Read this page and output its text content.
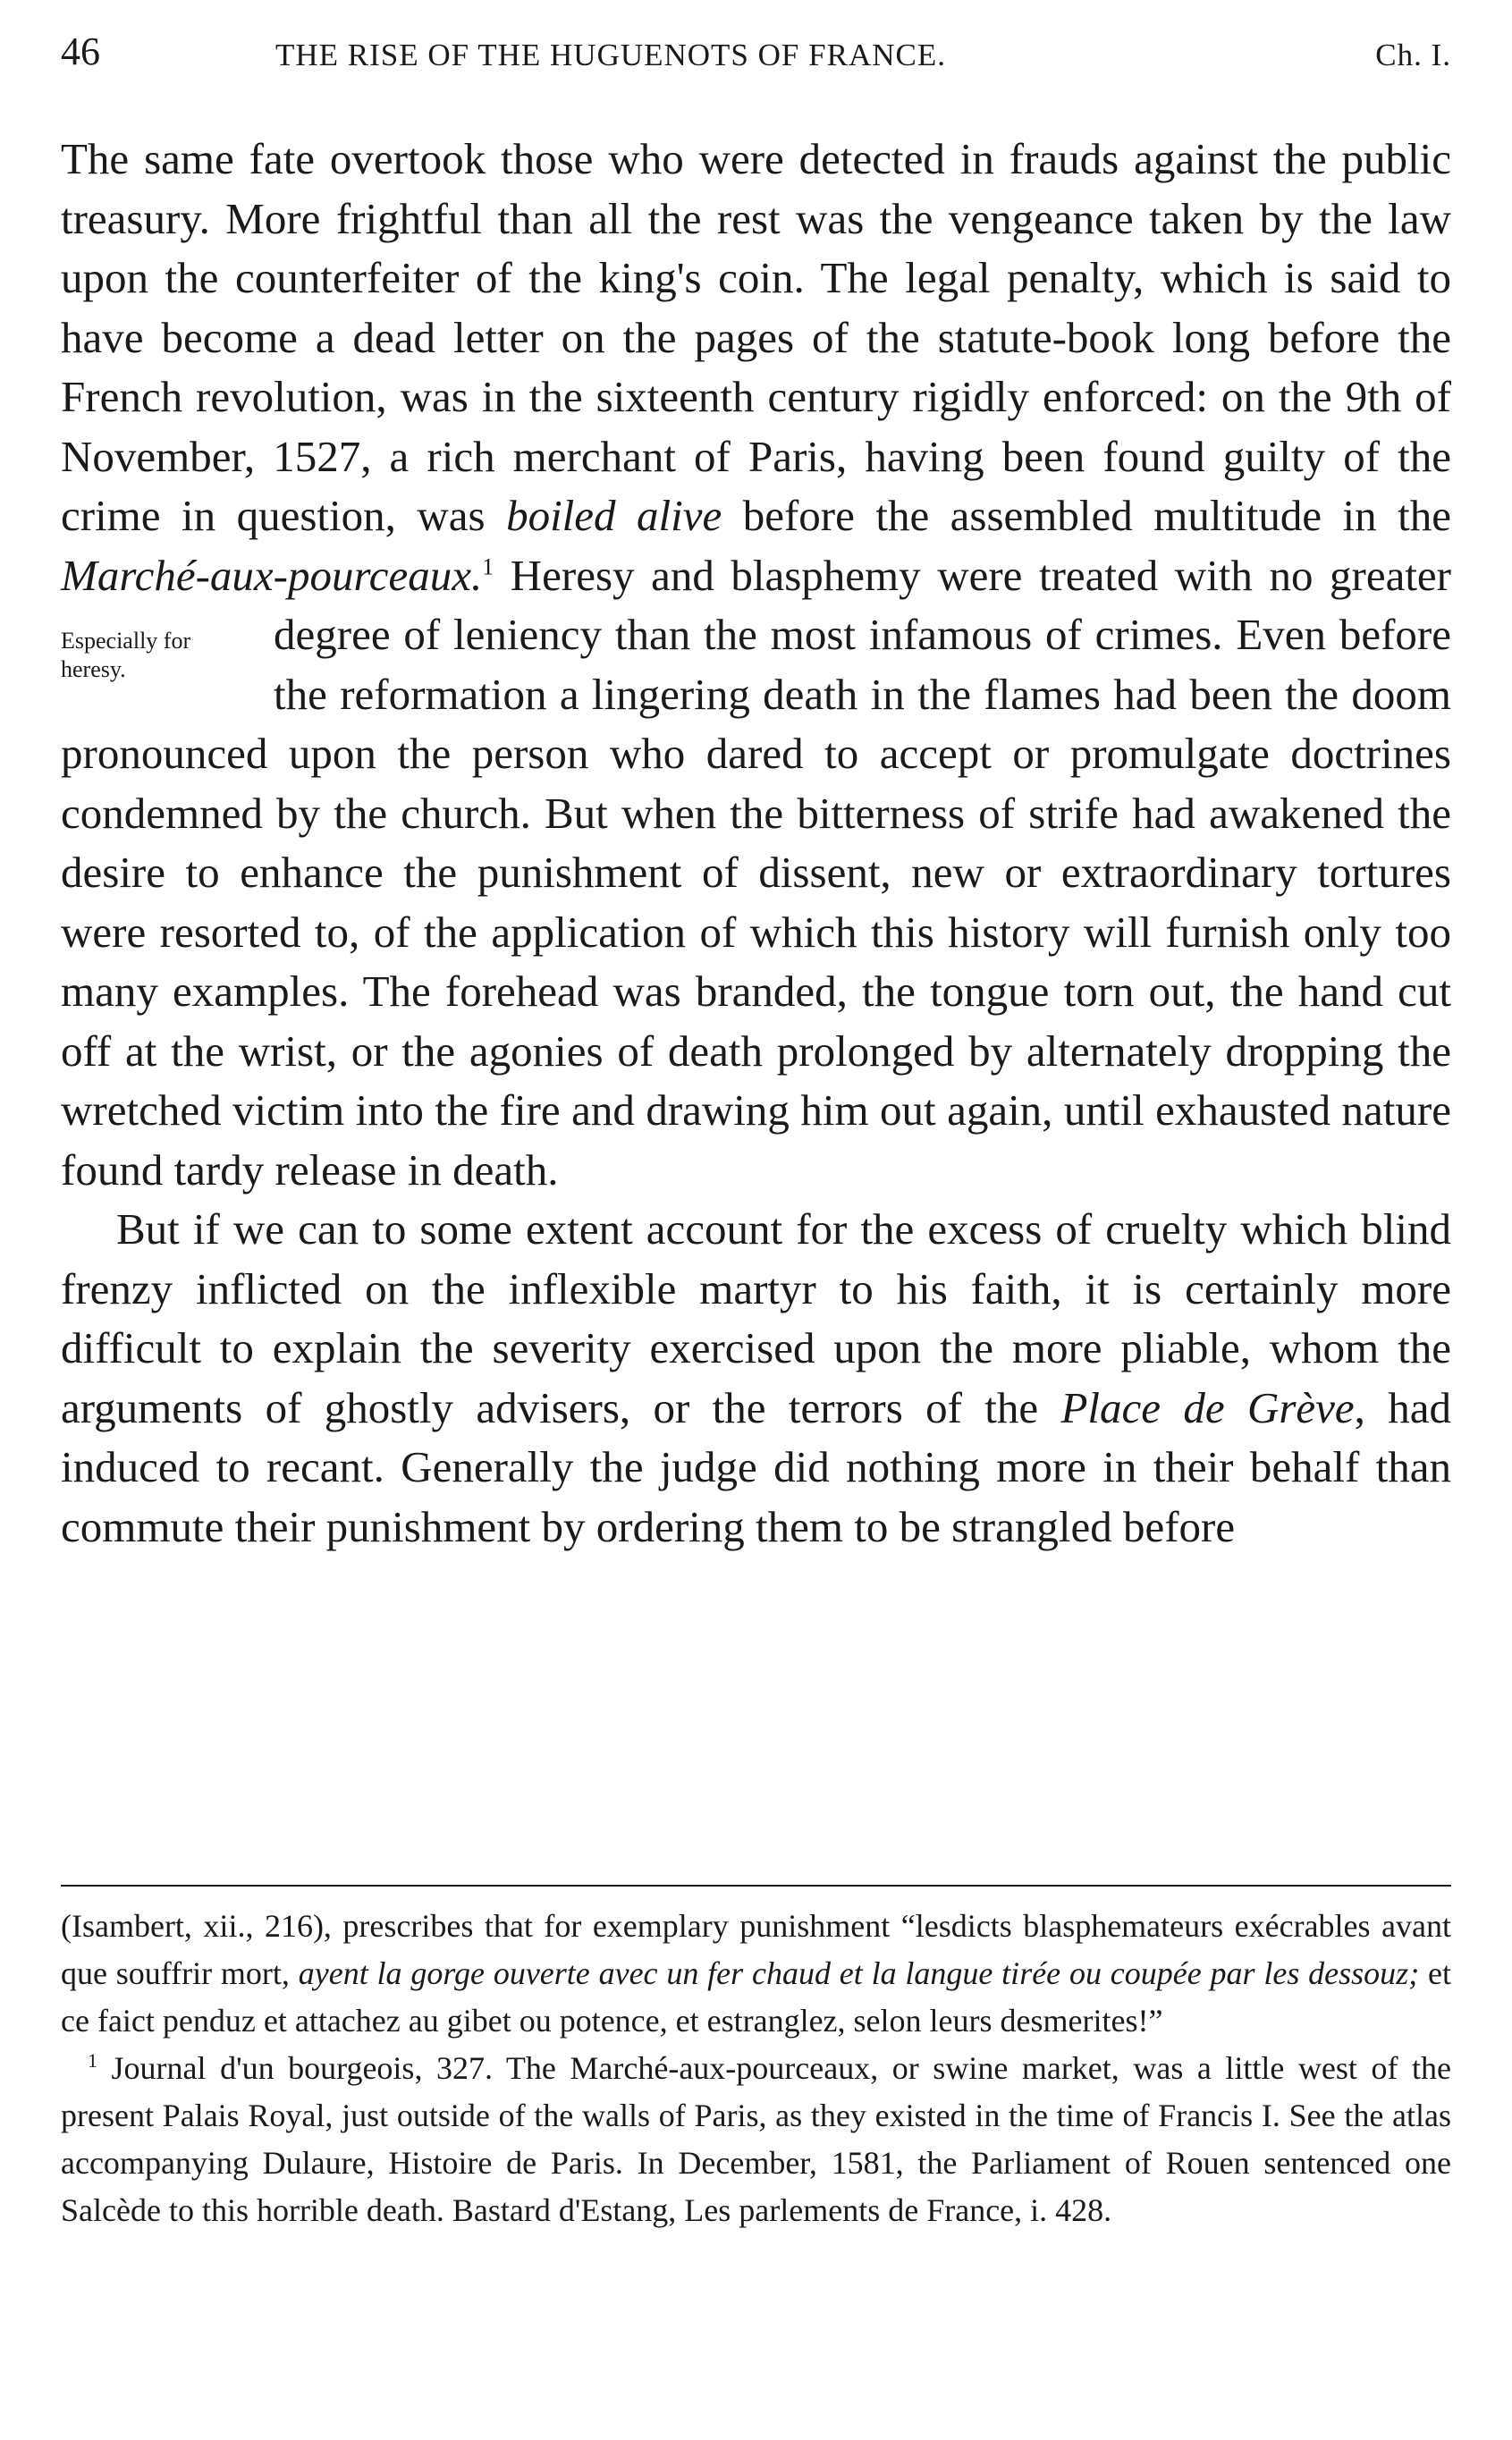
46	THE RISE OF THE HUGUENOTS OF FRANCE.	Ch. I.

The same fate overtook those who were detected in frauds against the public treasury. More frightful than all the rest was the vengeance taken by the law upon the counterfeiter of the king's coin. The legal penalty, which is said to have become a dead letter on the pages of the statute-book long before the French revolution, was in the sixteenth century rigidly enforced: on the 9th of November, 1527, a rich merchant of Paris, having been found guilty of the crime in question, was boiled alive before the assembled multitude in the Marché-aux-pourceaux.$^1$ Heresy and blasphemy were treated with no
Especially for heresy.
greater degree of leniency than the most infamous of crimes. Even before the reformation a lingering death in the flames had been the doom pronounced upon the person who dared to accept or promulgate doctrines condemned by the church. But when the bitterness of strife had awakened the desire to enhance the punishment of dissent, new or extraordinary tortures were resorted to, of the application of which this history will furnish only too many examples. The forehead was branded, the tongue torn out, the hand cut off at the wrist, or the agonies of death prolonged by alternately dropping the wretched victim into the fire and drawing him out again, until exhausted nature found tardy release in death.

But if we can to some extent account for the excess of cruelty which blind frenzy inflicted on the inflexible martyr to his faith, it is certainly more difficult to explain the severity exercised upon the more pliable, whom the arguments of ghostly advisers, or the terrors of the Place de Grève, had induced to recant. Generally the judge did nothing more in their behalf than commute their punishment by ordering them to be strangled before

(Isambert, xii., 216), prescribes that for exemplary punishment “lesdicts blasphemateurs exécrables avant que souffrir mort, ayent la gorge ouverte avec un fer chaud et la langue tirée ou coupée par les dessouz; et ce faict penduz et attachez au gibet ou potence, et estranglez, selon leurs desmerites!”

$^1$ Journal d'un bourgeois, 327. The Marché-aux-pourceaux, or swine market, was a little west of the present Palais Royal, just outside of the walls of Paris, as they existed in the time of Francis I. See the atlas accompanying Dulaure, Histoire de Paris. In December, 1581, the Parliament of Rouen sentenced one Salcède to this horrible death. Bastard d'Estang, Les parlements de France, i. 428.
